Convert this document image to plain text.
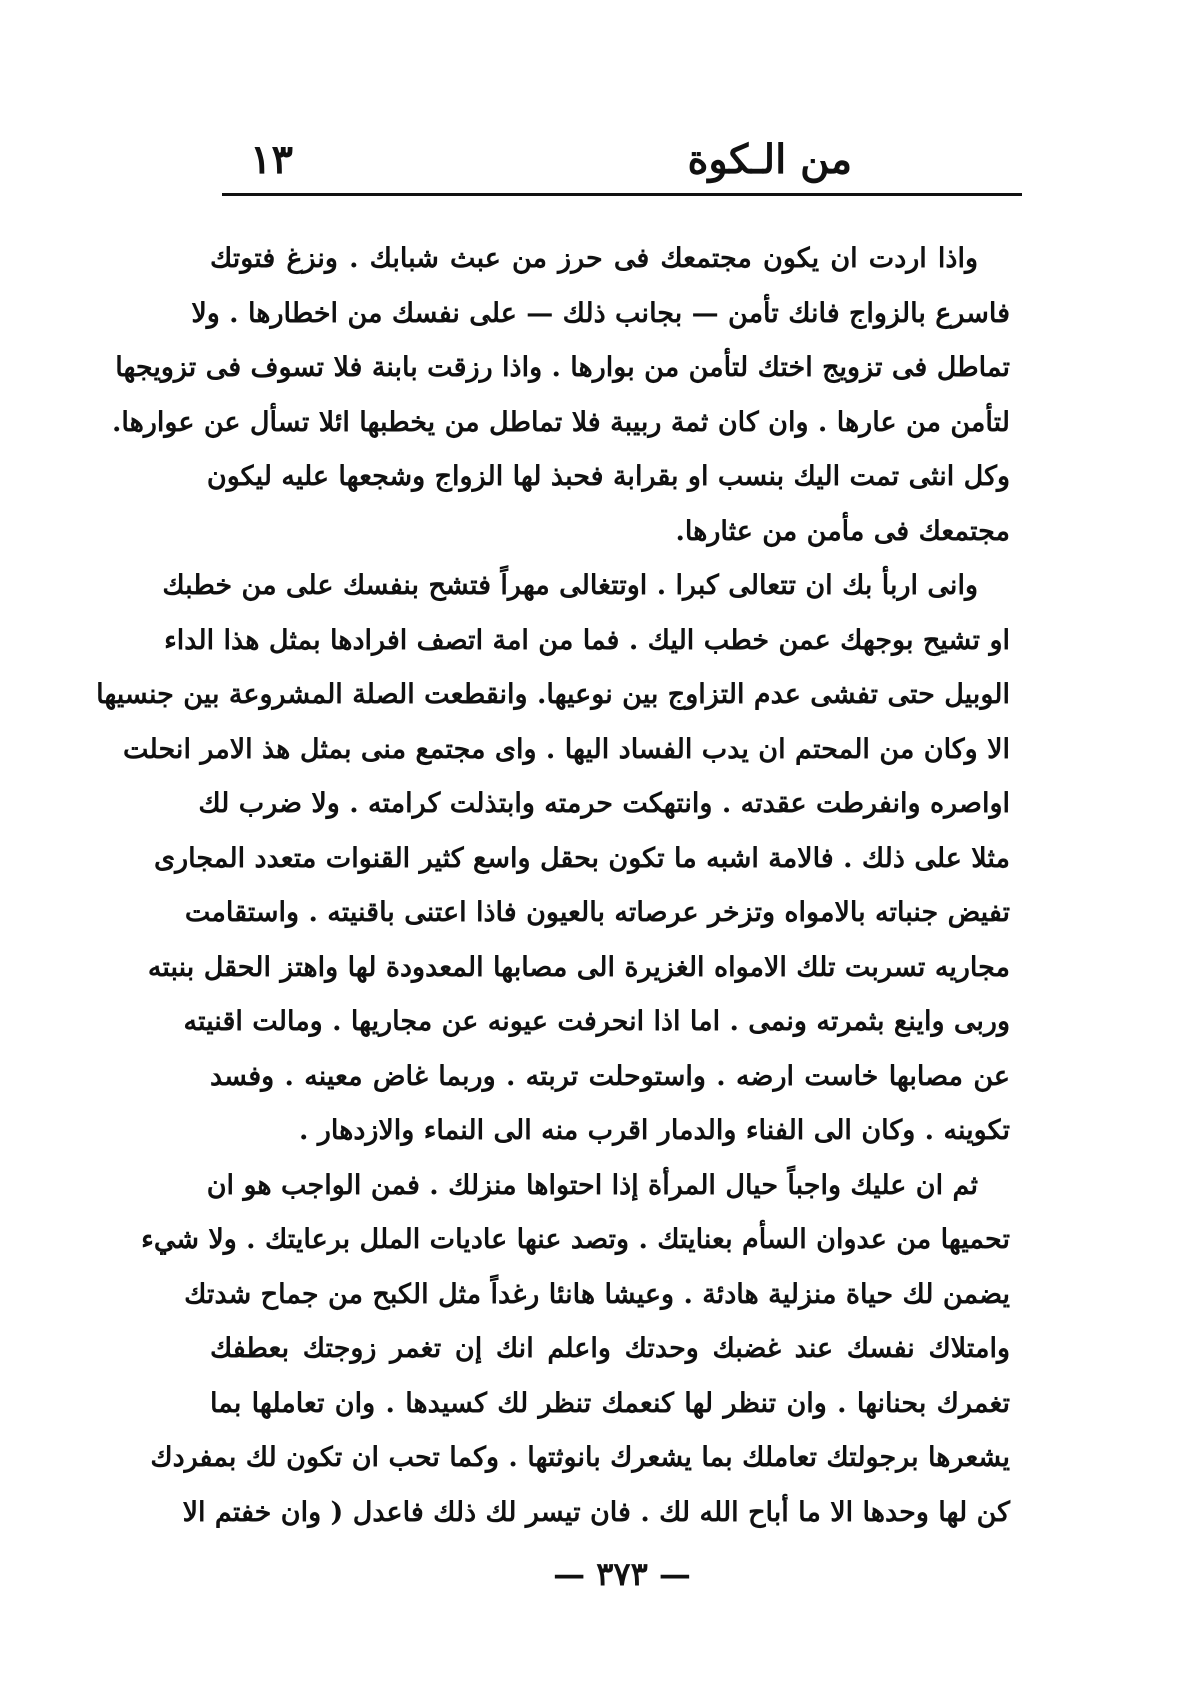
من الـكوة
١٣
واذا اردت ان يكون مجتمعك فى حرز من عبث شبابك . ونزغ فتوتك
فاسرع بالزواج فانك تأمن — بجانب ذلك — على نفسك من اخطارها . ولا
تماطل فى تزويج اختك لتأمن من بوارها . واذا رزقت بابنة فلا تسوف فى تزويجها
لتأمن من عارها . وان كان ثمة ربيبة فلا تماطل من يخطبها ائلا تسأل عن عوارها.
وكل انثى تمت اليك بنسب او بقرابة فحبذ لها الزواج وشجعها عليه ليكون
مجتمعك فى مأمن من عثارها.
وانى اربأ بك ان تتعالى كبرا . اوتتغالى مهراً فتشح بنفسك على من خطبك
او تشيح بوجهك عمن خطب اليك . فما من امة اتصف افرادها بمثل هذا الداء
الوبيل حتى تفشى عدم التزاوج بين نوعيها. وانقطعت الصلة المشروعة بين جنسيها
الا وكان من المحتم ان يدب الفساد اليها . واى مجتمع منى بمثل هذ الامر انحلت
اواصره وانفرطت عقدته . وانتهكت حرمته وابتذلت كرامته . ولا ضرب لك
مثلا على ذلك . فالامة اشبه ما تكون بحقل واسع كثير القنوات متعدد المجارى
تفيض جنباته بالامواه وتزخر عرصاته بالعيون فاذا اعتنى باقنيته . واستقامت
مجاريه تسربت تلك الامواه الغزيرة الى مصابها المعدودة لها واهتز الحقل بنبته
وربى واينع بثمرته ونمى . اما اذا انحرفت عيونه عن مجاريها . ومالت اقنيته
عن مصابها خاست ارضه . واستوحلت تربته . وربما غاض معينه . وفسد
تكوينه . وكان الى الفناء والدمار اقرب منه الى النماء والازدهار .
ثم ان عليك واجباً حيال المرأة إذا احتواها منزلك . فمن الواجب هو ان
تحميها من عدوان السأم بعنايتك . وتصد عنها عاديات الملل برعايتك . ولا شيء
يضمن لك حياة منزلية هادئة . وعيشا هانئا رغداً مثل الكبح من جماح شدتك
وامتلاك نفسك عند غضبك وحدتك واعلم انك إن تغمر زوجتك بعطفك
تغمرك بحنانها . وان تنظر لها كنعمك تنظر لك كسيدها . وان تعاملها بما
يشعرها برجولتك تعاملك بما يشعرك بانوثتها . وكما تحب ان تكون لك بمفردك
كن لها وحدها الا ما أباح الله لك . فان تيسر لك ذلك فاعدل ( وان خفتم الا
— ٣٧٣ —
